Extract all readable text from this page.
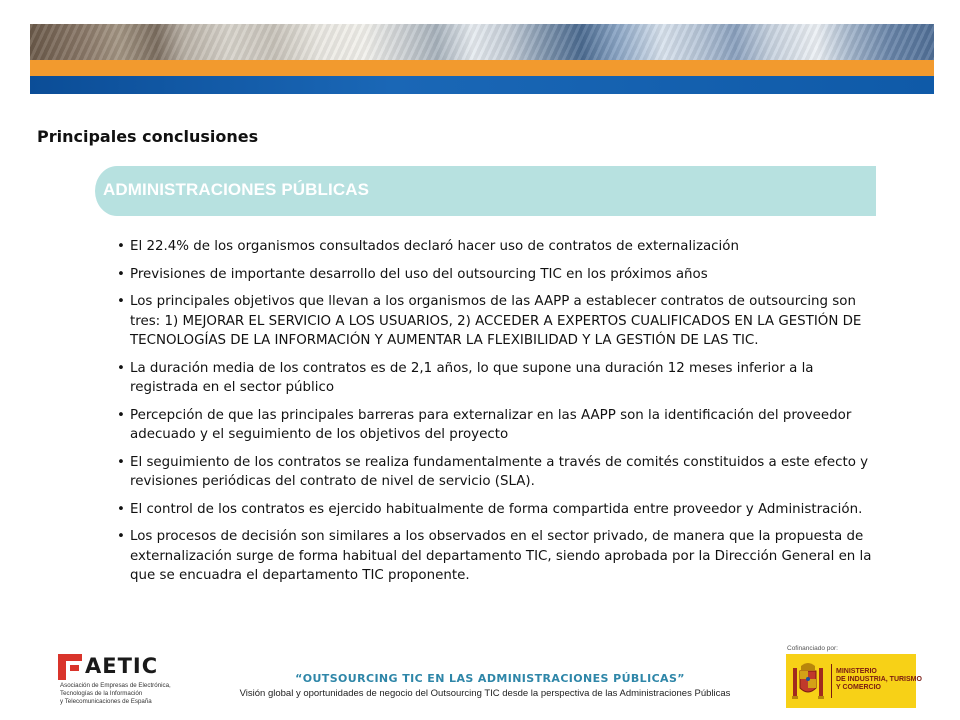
Principales conclusiones
ADMINISTRACIONES PÚBLICAS
• El 22.4% de los organismos consultados declaró hacer uso de contratos de externalización
• Previsiones de importante desarrollo del uso del outsourcing TIC en los próximos años
• Los principales objetivos que llevan a los organismos de las AAPP a establecer contratos de outsourcing son tres: 1) MEJORAR EL SERVICIO A LOS USUARIOS, 2) ACCEDER A EXPERTOS CUALIFICADOS EN LA GESTIÓN DE TECNOLOGÍAS DE LA INFORMACIÓN Y AUMENTAR LA FLEXIBILIDAD Y LA GESTIÓN DE LAS TIC.
• La duración media de los contratos es de 2,1 años, lo que supone una duración 12 meses inferior a la registrada en el sector público
• Percepción de que las principales barreras para externalizar en las AAPP son la identificación del proveedor adecuado y el seguimiento de los objetivos del proyecto
• El seguimiento de los contratos se realiza fundamentalmente a través de comités constituidos a este efecto y revisiones periódicas del contrato de nivel de servicio (SLA).
• El control de los contratos es ejercido habitualmente de forma compartida entre proveedor y Administración.
• Los procesos de decisión son similares a los observados en el sector privado, de manera que la propuesta de externalización surge de forma habitual del departamento TIC, siendo aprobada por la Dirección General en la que se encuadra el departamento TIC proponente.
AETIC
Asociación de Empresas de Electrónica,
Tecnologías de la Información
y Telecomunicaciones de España
“OUTSOURCING TIC EN LAS ADMINISTRACIONES PÚBLICAS”
Visión global y oportunidades de negocio del Outsourcing TIC desde la perspectiva de las Administraciones Públicas
Cofinanciado por:
MINISTERIO
DE INDUSTRIA, TURISMO
Y COMERCIO
